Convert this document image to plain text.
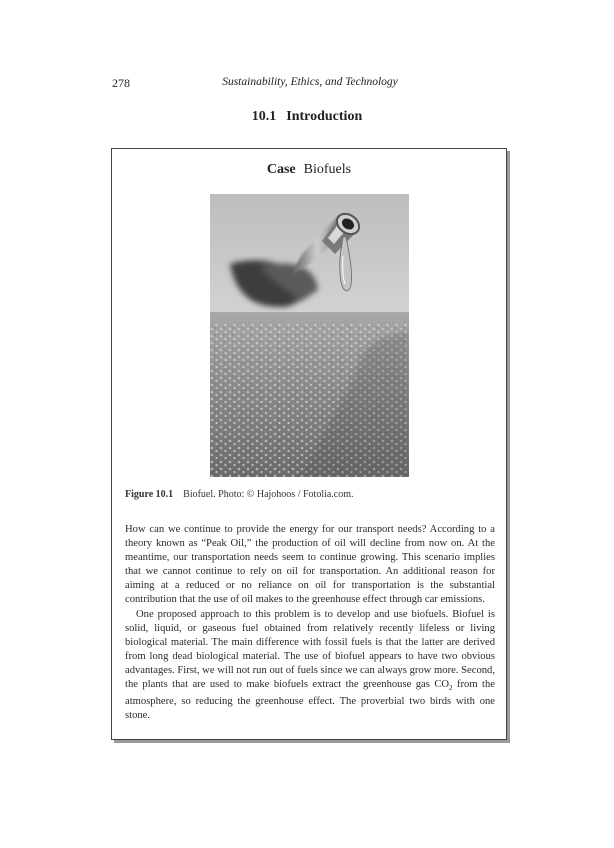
278	Sustainability, Ethics, and Technology
10.1 Introduction
Case Biofuels
Figure 10.1 Biofuel. Photo: © Hajohoos / Fotolia.com.

How can we continue to provide the energy for our transport needs? According to a theory known as “Peak Oil,” the production of oil will decline from now on. At the meantime, our transportation needs seem to continue growing. This scenario implies that we cannot continue to rely on oil for transportation. An additional reason for aiming at a reduced or no reliance on oil for transportation is the substantial contribution that the use of oil makes to the greenhouse effect through car emissions.

One proposed approach to this problem is to develop and use biofuels. Biofuel is solid, liquid, or gaseous fuel obtained from relatively recently lifeless or living biological material. The main difference with fossil fuels is that the latter are derived from long dead biological material. The use of biofuel appears to have two obvious advantages. First, we will not run out of fuels since we can always grow more. Second, the plants that are used to make biofuels extract the greenhouse gas $CO_2$ from the atmosphere, so reducing the greenhouse effect. The proverbial two birds with one stone.
